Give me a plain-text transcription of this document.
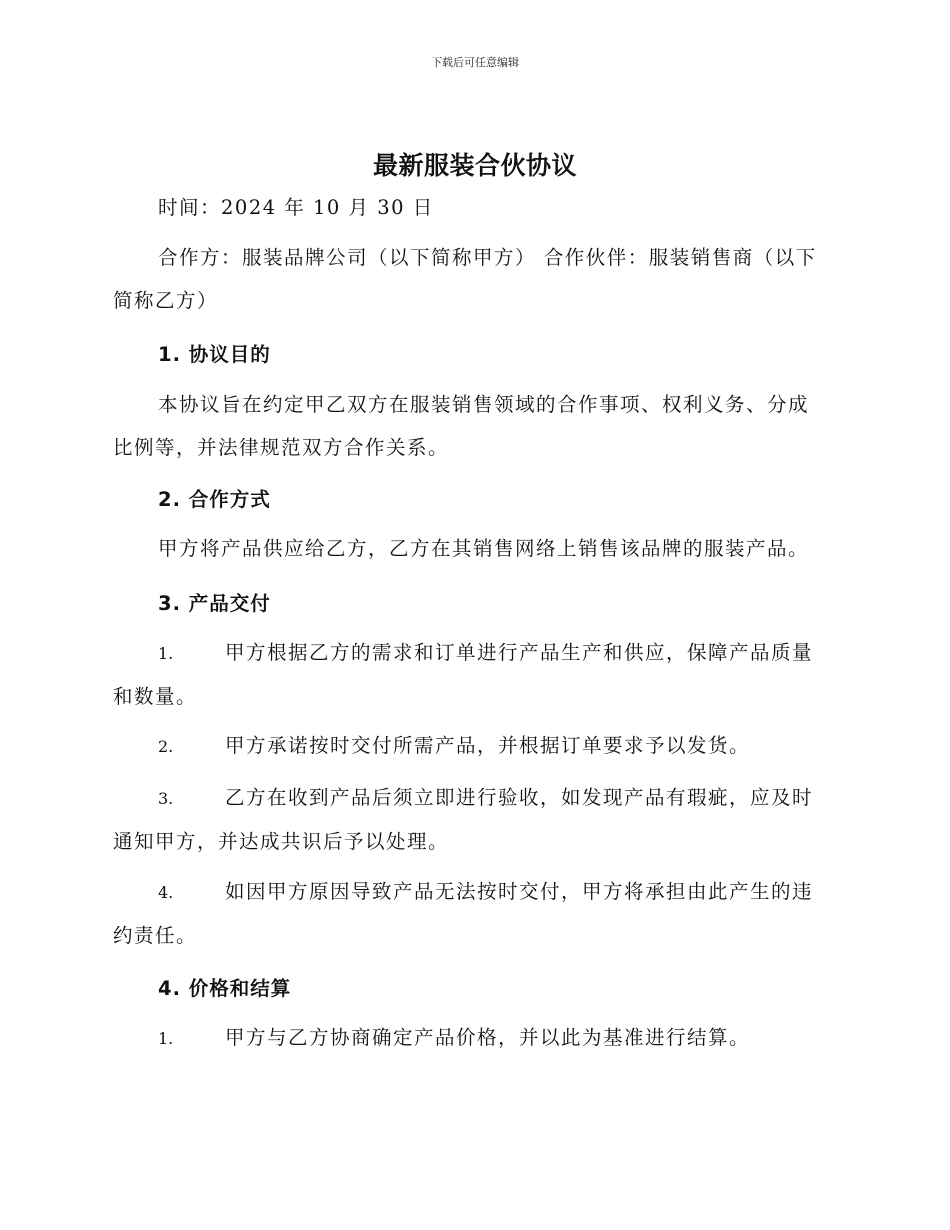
下载后可任意编辑
最新服装合伙协议
时间：2024 年 10 月 30 日
合作方：服装品牌公司（以下简称甲方） 合作伙伴：服装销售商（以下
简称乙方）
1. 协议目的
本协议旨在约定甲乙双方在服装销售领域的合作事项、权利义务、分成
比例等，并法律规范双方合作关系。
2. 合作方式
甲方将产品供应给乙方，乙方在其销售网络上销售该品牌的服装产品。
3. 产品交付
1.	甲方根据乙方的需求和订单进行产品生产和供应，保障产品质量
和数量。
2.	甲方承诺按时交付所需产品，并根据订单要求予以发货。
3.	乙方在收到产品后须立即进行验收，如发现产品有瑕疵，应及时
通知甲方，并达成共识后予以处理。
4.	如因甲方原因导致产品无法按时交付，甲方将承担由此产生的违
约责任。
4. 价格和结算
1.	甲方与乙方协商确定产品价格，并以此为基准进行结算。
